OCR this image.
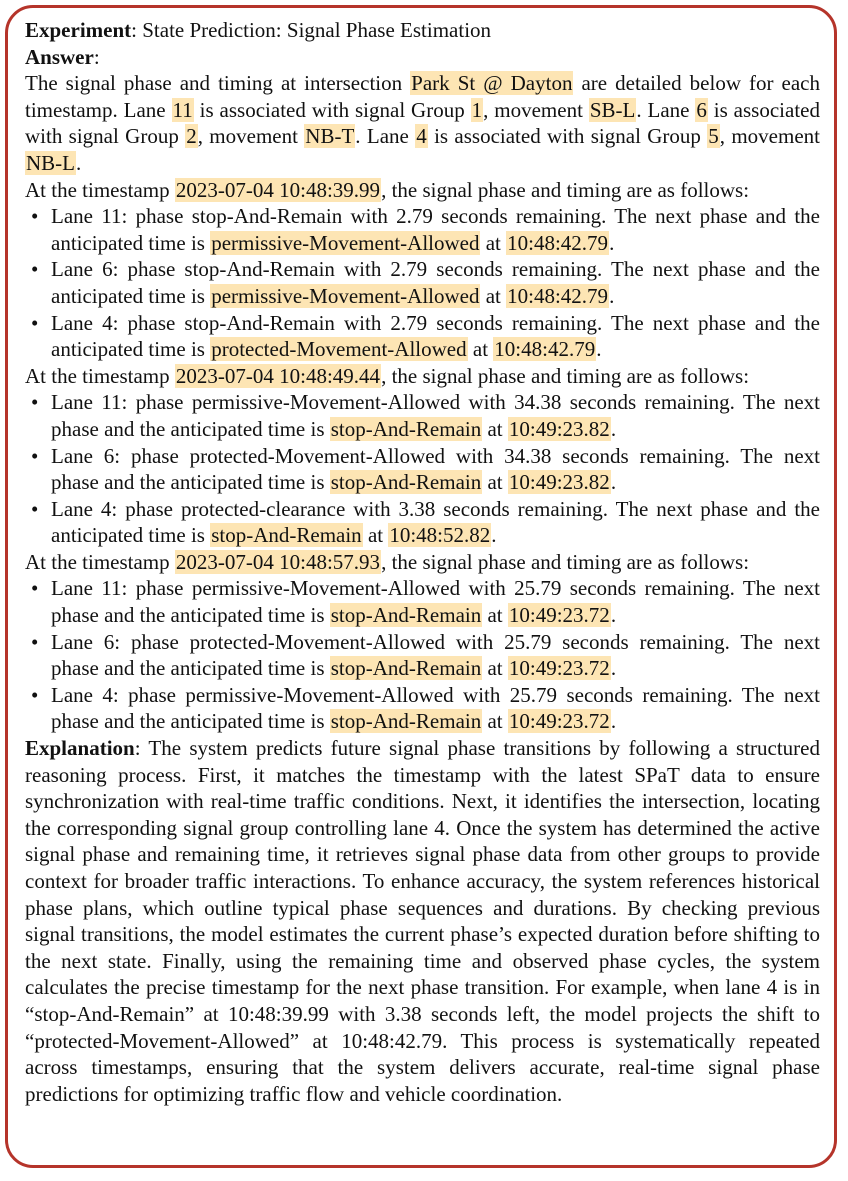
Experiment: State Prediction: Signal Phase Estimation

Answer:

The signal phase and timing at intersection Park St @ Dayton are detailed below for each timestamp. Lane 11 is associated with signal Group 1, movement SB-L. Lane 6 is associated with signal Group 2, movement NB-T. Lane 4 is associated with signal Group 5, movement NB-L.

At the timestamp 2023-07-04 10:48:39.99, the signal phase and timing are as follows:

• Lane 11: phase stop-And-Remain with 2.79 seconds remaining. The next phase and the anticipated time is permissive-Movement-Allowed at 10:48:42.79.
• Lane 6: phase stop-And-Remain with 2.79 seconds remaining. The next phase and the anticipated time is permissive-Movement-Allowed at 10:48:42.79.
• Lane 4: phase stop-And-Remain with 2.79 seconds remaining. The next phase and the anticipated time is protected-Movement-Allowed at 10:48:42.79.

At the timestamp 2023-07-04 10:48:49.44, the signal phase and timing are as follows:

• Lane 11: phase permissive-Movement-Allowed with 34.38 seconds remaining. The next phase and the anticipated time is stop-And-Remain at 10:49:23.82.
• Lane 6: phase protected-Movement-Allowed with 34.38 seconds remaining. The next phase and the anticipated time is stop-And-Remain at 10:49:23.82.
• Lane 4: phase protected-clearance with 3.38 seconds remaining. The next phase and the anticipated time is stop-And-Remain at 10:48:52.82.

At the timestamp 2023-07-04 10:48:57.93, the signal phase and timing are as follows:

• Lane 11: phase permissive-Movement-Allowed with 25.79 seconds remaining. The next phase and the anticipated time is stop-And-Remain at 10:49:23.72.
• Lane 6: phase protected-Movement-Allowed with 25.79 seconds remaining. The next phase and the anticipated time is stop-And-Remain at 10:49:23.72.
• Lane 4: phase permissive-Movement-Allowed with 25.79 seconds remaining. The next phase and the anticipated time is stop-And-Remain at 10:49:23.72.

Explanation: The system predicts future signal phase transitions by following a structured reasoning process. First, it matches the timestamp with the latest SPaT data to ensure synchronization with real-time traffic conditions. Next, it identifies the intersection, locating the corresponding signal group controlling lane 4. Once the system has determined the active signal phase and remaining time, it retrieves signal phase data from other groups to provide context for broader traffic interactions. To enhance accuracy, the system references historical phase plans, which outline typical phase sequences and durations. By checking previous signal transitions, the model estimates the current phase’s expected duration before shifting to the next state. Finally, using the remaining time and observed phase cycles, the system calculates the precise timestamp for the next phase transition. For example, when lane 4 is in “stop-And-Remain” at 10:48:39.99 with 3.38 seconds left, the model projects the shift to “protected-Movement-Allowed” at 10:48:42.79. This process is systematically repeated across timestamps, ensuring that the system delivers accurate, real-time signal phase predictions for optimizing traffic flow and vehicle coordination.
